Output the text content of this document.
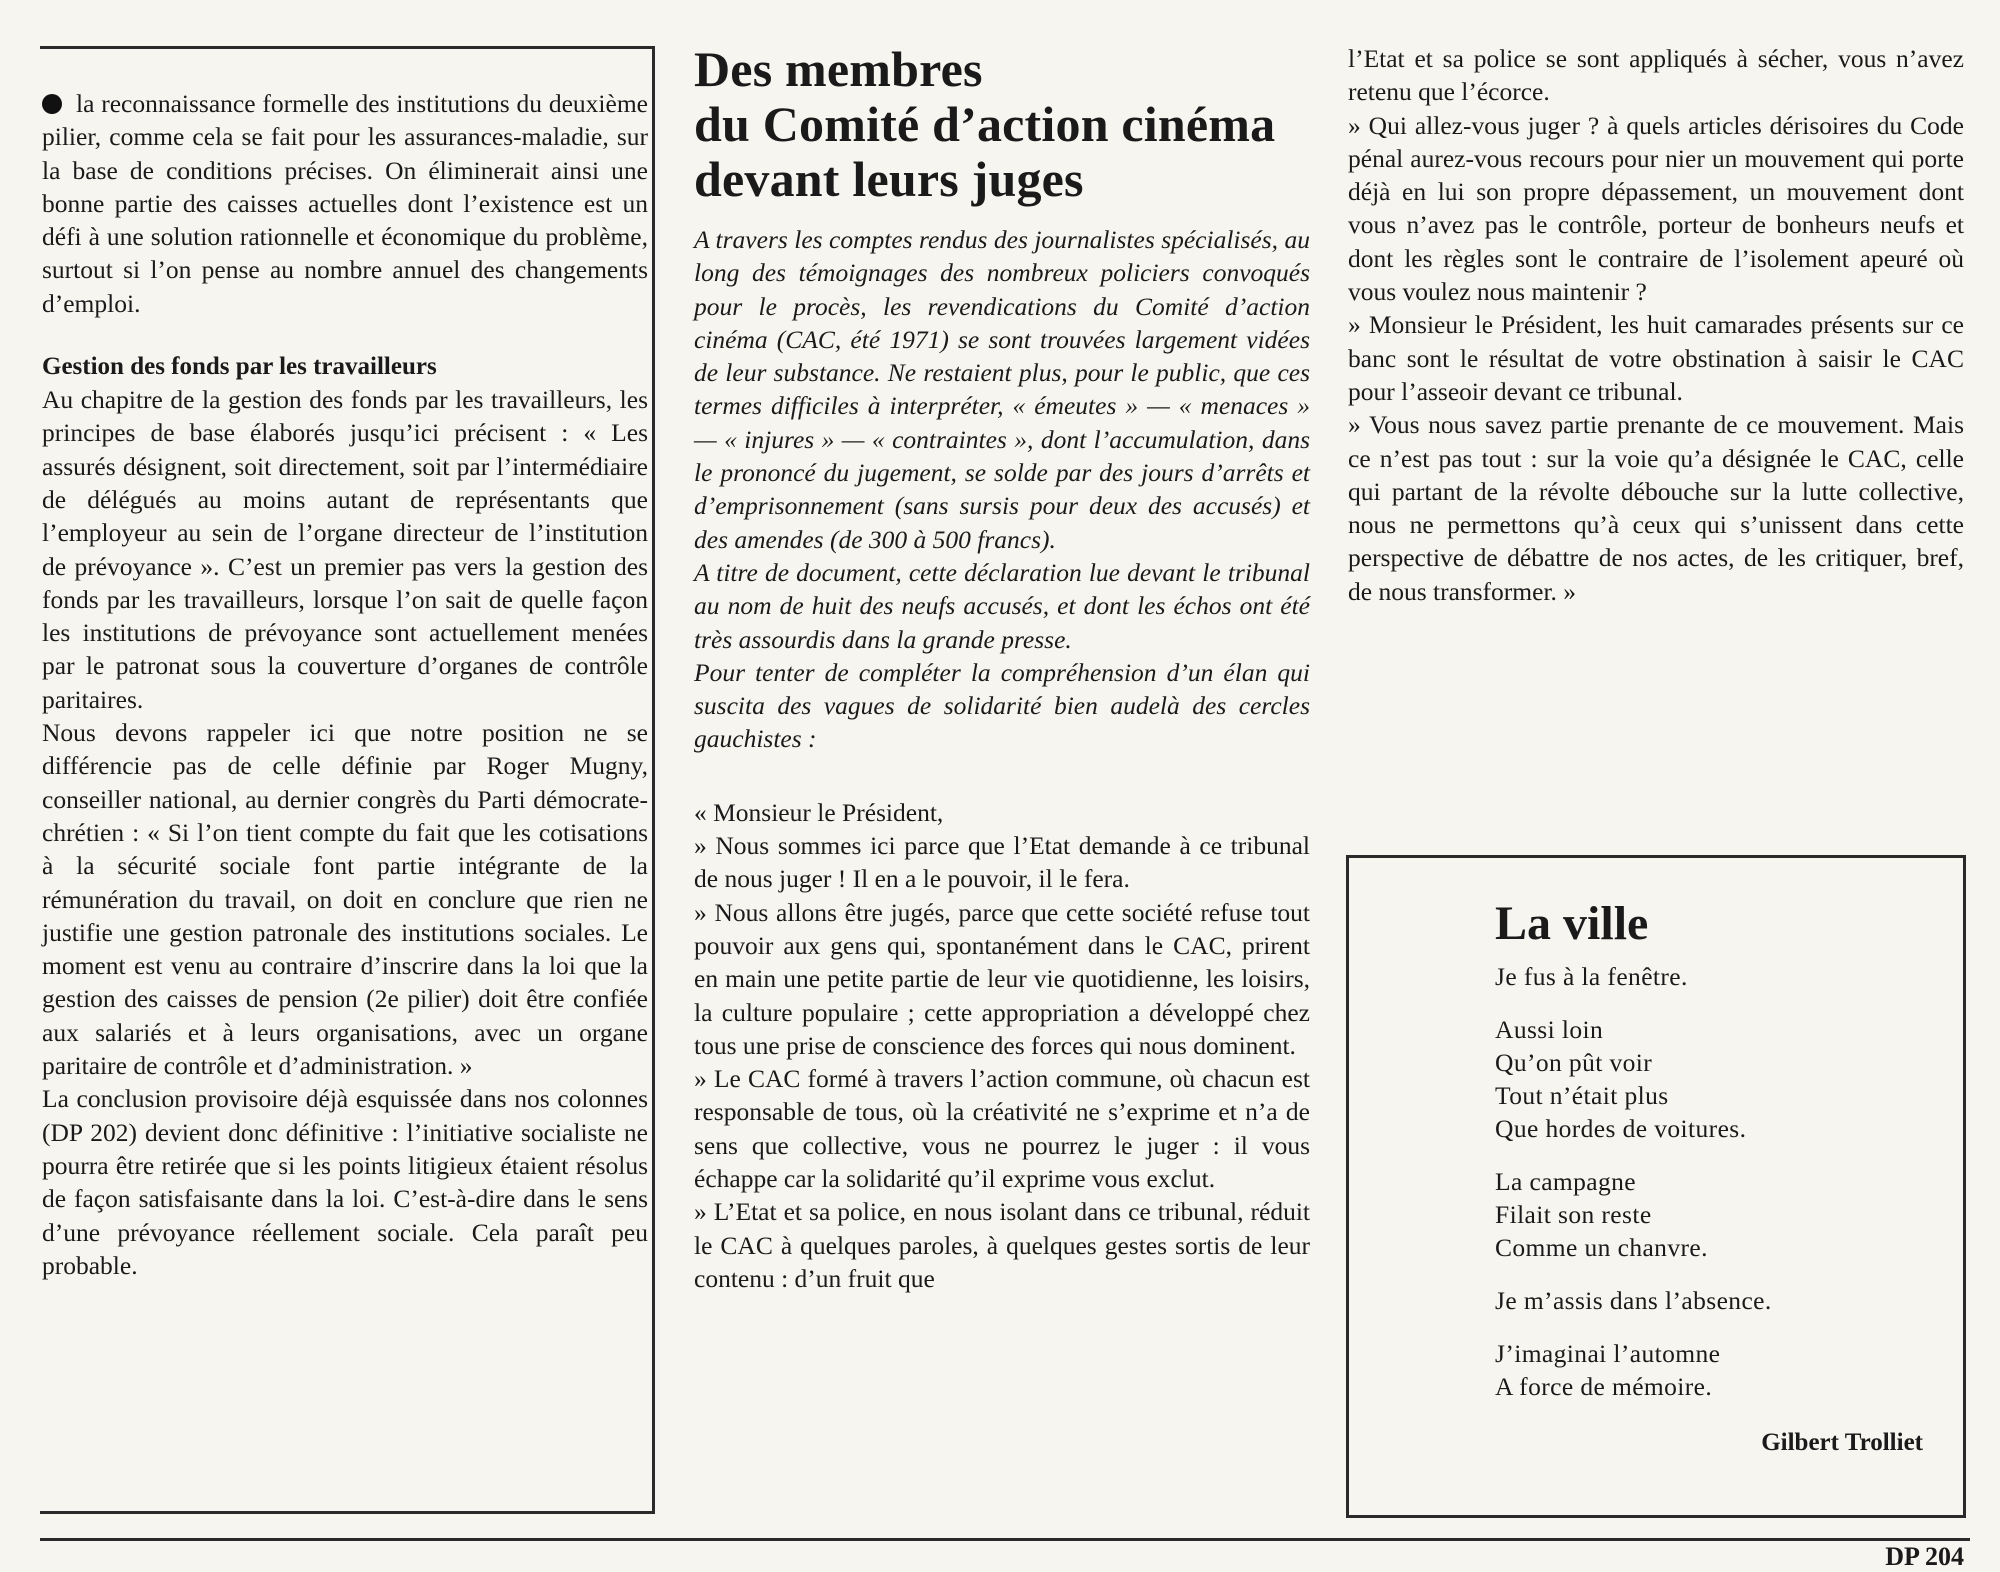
la reconnaissance formelle des institutions du deuxième pilier, comme cela se fait pour les assurances-maladie, sur la base de conditions précises. On éliminerait ainsi une bonne partie des caisses actuelles dont l’existence est un défi à une solution rationnelle et économique du problème, surtout si l’on pense au nombre annuel des changements d’emploi.

Gestion des fonds par les travailleurs

Au chapitre de la gestion des fonds par les travailleurs, les principes de base élaborés jusqu’ici précisent : « Les assurés désignent, soit directement, soit par l’intermédiaire de délégués au moins autant de représentants que l’employeur au sein de l’organe directeur de l’institution de prévoyance ». C’est un premier pas vers la gestion des fonds par les travailleurs, lorsque l’on sait de quelle façon les institutions de prévoyance sont actuellement menées par le patronat sous la couverture d’organes de contrôle paritaires.

Nous devons rappeler ici que notre position ne se différencie pas de celle définie par Roger Mugny, conseiller national, au dernier congrès du Parti démocrate-chrétien : « Si l’on tient compte du fait que les cotisations à la sécurité sociale font partie intégrante de la rémunération du travail, on doit en conclure que rien ne justifie une gestion patronale des institutions sociales. Le moment est venu au contraire d’inscrire dans la loi que la gestion des caisses de pension (2e pilier) doit être confiée aux salariés et à leurs organisations, avec un organe paritaire de contrôle et d’administration. »

La conclusion provisoire déjà esquissée dans nos colonnes (DP 202) devient donc définitive : l’initiative socialiste ne pourra être retirée que si les points litigieux étaient résolus de façon satisfaisante dans la loi. C’est-à-dire dans le sens d’une prévoyance réellement sociale. Cela paraît peu probable.

Des membres
du Comité d’action cinéma
devant leurs juges

A travers les comptes rendus des journalistes spécialisés, au long des témoignages des nombreux policiers convoqués pour le procès, les revendications du Comité d’action cinéma (CAC, été 1971) se sont trouvées largement vidées de leur substance. Ne restaient plus, pour le public, que ces termes difficiles à interpréter, « émeutes » — « menaces » — « injures » — « contraintes », dont l’accumulation, dans le prononcé du jugement, se solde par des jours d’arrêts et d’emprisonnement (sans sursis pour deux des accusés) et des amendes (de 300 à 500 francs).

A titre de document, cette déclaration lue devant le tribunal au nom de huit des neufs accusés, et dont les échos ont été très assourdis dans la grande presse.

Pour tenter de compléter la compréhension d’un élan qui suscita des vagues de solidarité bien audelà des cercles gauchistes :

« Monsieur le Président,

» Nous sommes ici parce que l’Etat demande à ce tribunal de nous juger ! Il en a le pouvoir, il le fera.

» Nous allons être jugés, parce que cette société refuse tout pouvoir aux gens qui, spontanément dans le CAC, prirent en main une petite partie de leur vie quotidienne, les loisirs, la culture populaire ; cette appropriation a développé chez tous une prise de conscience des forces qui nous dominent.

» Le CAC formé à travers l’action commune, où chacun est responsable de tous, où la créativité ne s’exprime et n’a de sens que collective, vous ne pourrez le juger : il vous échappe car la solidarité qu’il exprime vous exclut.

» L’Etat et sa police, en nous isolant dans ce tribunal, réduit le CAC à quelques paroles, à quelques gestes sortis de leur contenu : d’un fruit que

l’Etat et sa police se sont appliqués à sécher, vous n’avez retenu que l’écorce.

» Qui allez-vous juger ? à quels articles dérisoires du Code pénal aurez-vous recours pour nier un mouvement qui porte déjà en lui son propre dépassement, un mouvement dont vous n’avez pas le contrôle, porteur de bonheurs neufs et dont les règles sont le contraire de l’isolement apeuré où vous voulez nous maintenir ?

» Monsieur le Président, les huit camarades présents sur ce banc sont le résultat de votre obstination à saisir le CAC pour l’asseoir devant ce tribunal.

» Vous nous savez partie prenante de ce mouvement. Mais ce n’est pas tout : sur la voie qu’a désignée le CAC, celle qui partant de la révolte débouche sur la lutte collective, nous ne permettons qu’à ceux qui s’unissent dans cette perspective de débattre de nos actes, de les critiquer, bref, de nous transformer. »

La ville
Je fus à la fenêtre.
Aussi loin
Qu’on pût voir
Tout n’était plus
Que hordes de voitures.
La campagne
Filait son reste
Comme un chanvre.
Je m’assis dans l’absence.
J’imaginai l’automne
A force de mémoire.
Gilbert Trolliet
DP 204
